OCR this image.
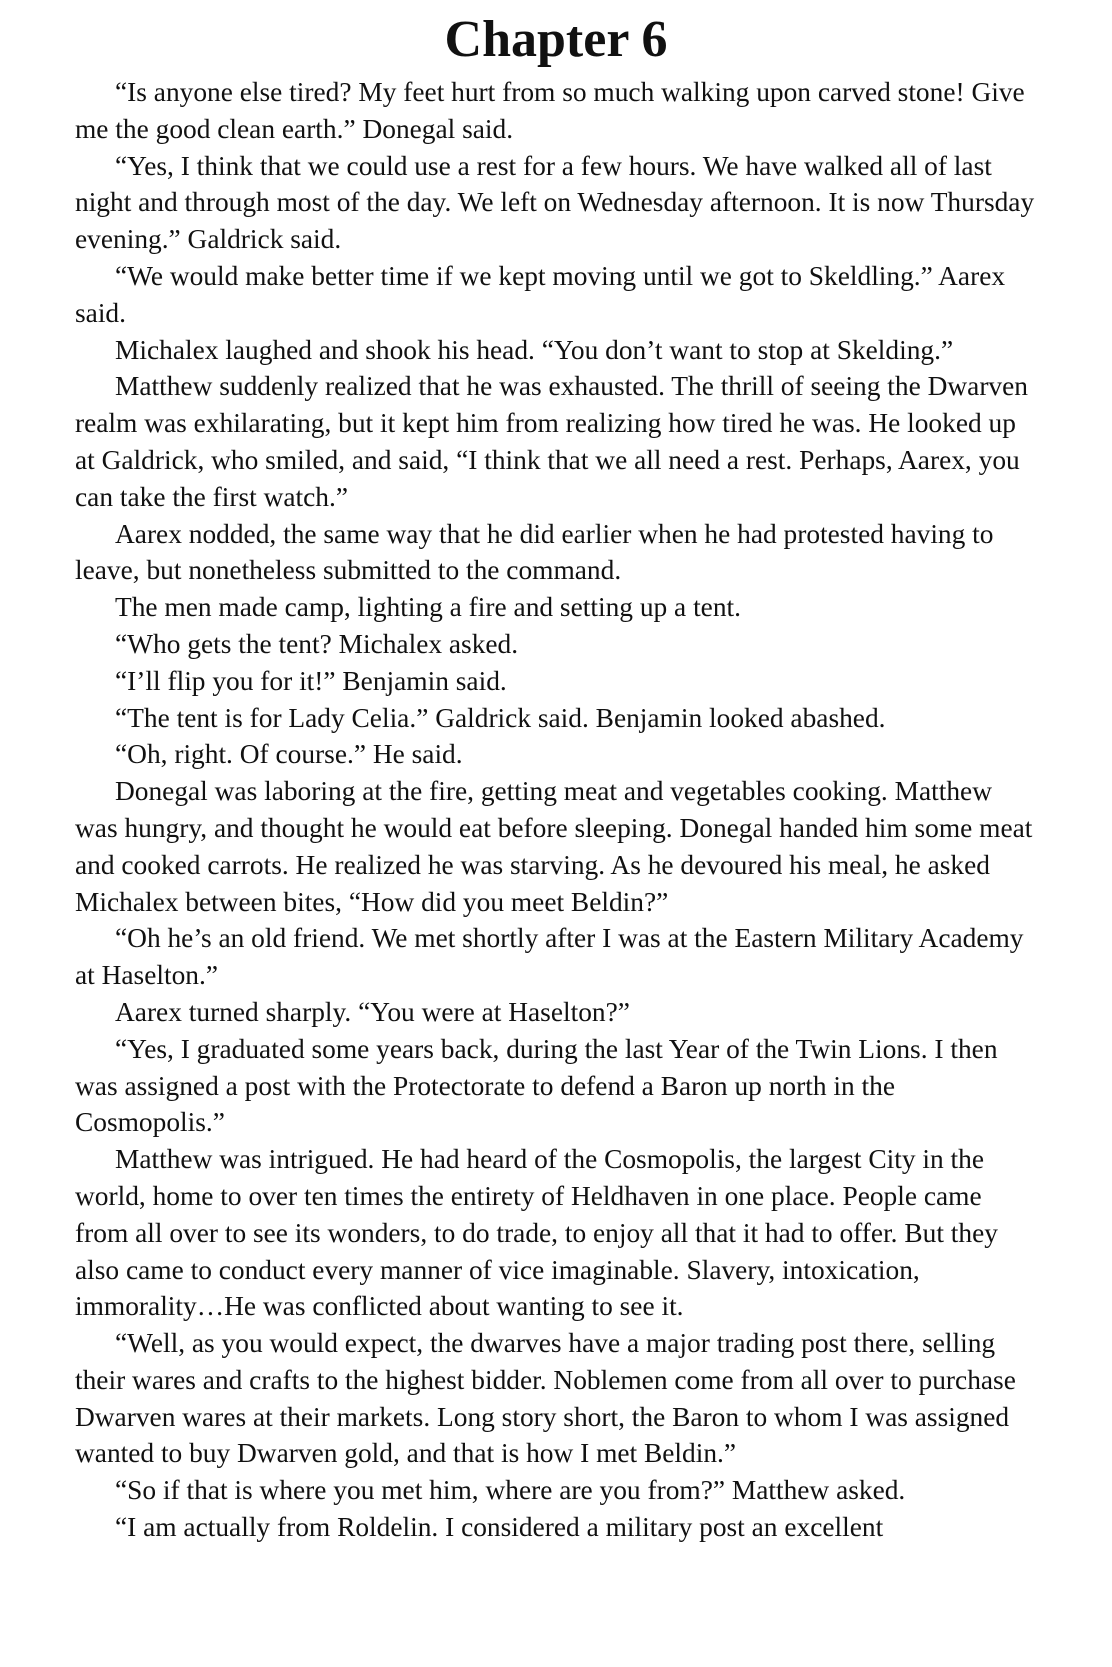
Chapter 6

“Is anyone else tired? My feet hurt from so much walking upon carved stone! Give me the good clean earth.” Donegal said.

“Yes, I think that we could use a rest for a few hours. We have walked all of last night and through most of the day. We left on Wednesday afternoon. It is now Thursday evening.” Galdrick said.

“We would make better time if we kept moving until we got to Skeldling.” Aarex said.

Michalex laughed and shook his head. “You don’t want to stop at Skelding.”

Matthew suddenly realized that he was exhausted. The thrill of seeing the Dwarven realm was exhilarating, but it kept him from realizing how tired he was. He looked up at Galdrick, who smiled, and said, “I think that we all need a rest. Perhaps, Aarex, you can take the first watch.”

Aarex nodded, the same way that he did earlier when he had protested having to leave, but nonetheless submitted to the command.

The men made camp, lighting a fire and setting up a tent.

“Who gets the tent? Michalex asked.

“I’ll flip you for it!” Benjamin said.

“The tent is for Lady Celia.” Galdrick said. Benjamin looked abashed.

“Oh, right. Of course.” He said.

Donegal was laboring at the fire, getting meat and vegetables cooking. Matthew was hungry, and thought he would eat before sleeping. Donegal handed him some meat and cooked carrots. He realized he was starving. As he devoured his meal, he asked Michalex between bites, “How did you meet Beldin?”

“Oh he’s an old friend. We met shortly after I was at the Eastern Military Academy at Haselton.”

Aarex turned sharply. “You were at Haselton?”

“Yes, I graduated some years back, during the last Year of the Twin Lions. I then was assigned a post with the Protectorate to defend a Baron up north in the Cosmopolis.”

Matthew was intrigued. He had heard of the Cosmopolis, the largest City in the world, home to over ten times the entirety of Heldhaven in one place. People came from all over to see its wonders, to do trade, to enjoy all that it had to offer. But they also came to conduct every manner of vice imaginable. Slavery, intoxication, immorality…He was conflicted about wanting to see it.

“Well, as you would expect, the dwarves have a major trading post there, selling their wares and crafts to the highest bidder. Noblemen come from all over to purchase Dwarven wares at their markets. Long story short, the Baron to whom I was assigned wanted to buy Dwarven gold, and that is how I met Beldin.”

“So if that is where you met him, where are you from?” Matthew asked.

“I am actually from Roldelin. I considered a military post an excellent
